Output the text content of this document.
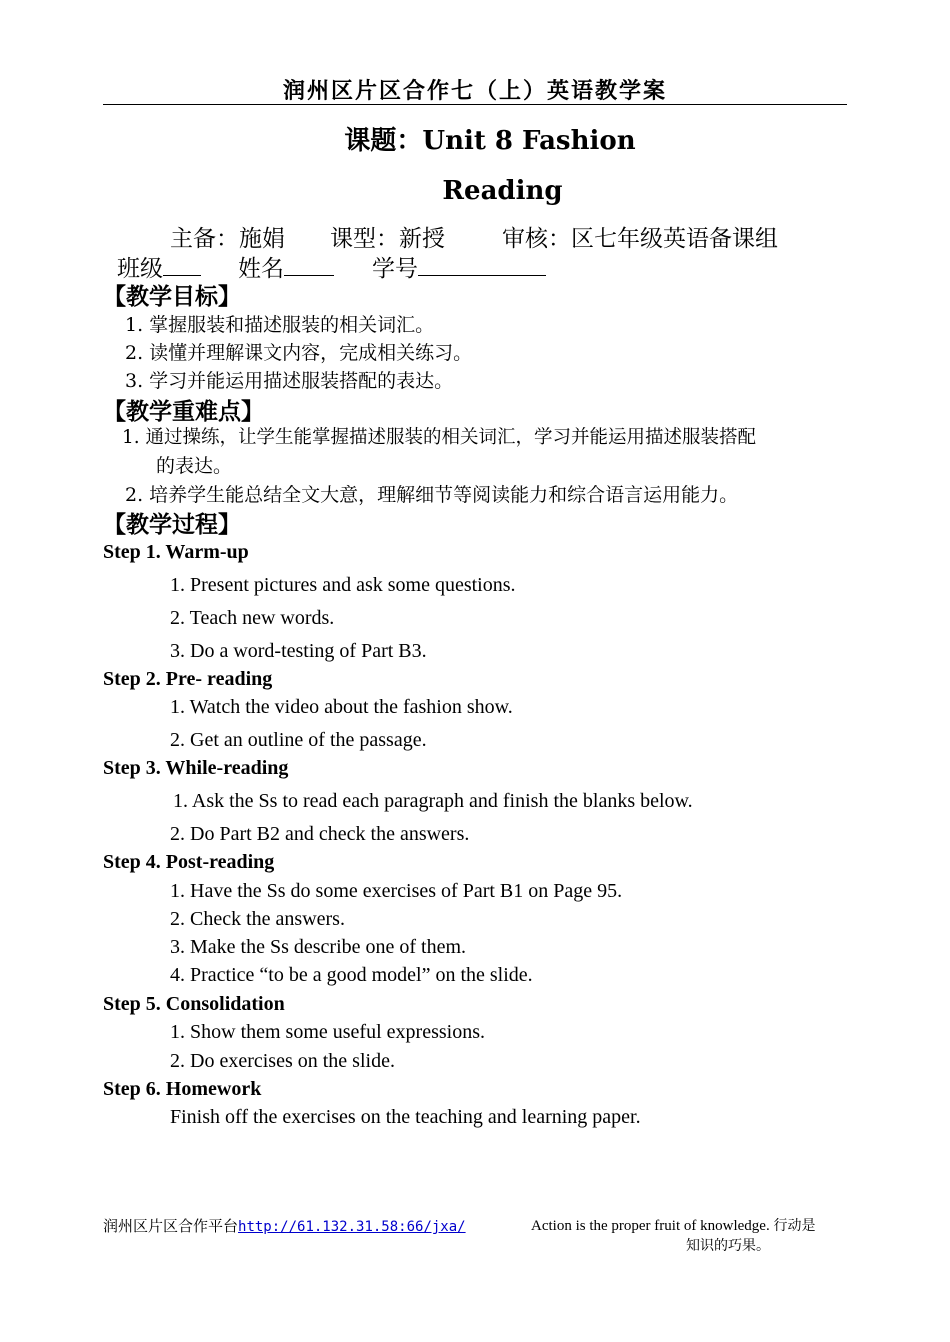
润州区片区合作七（上）英语教学案
课题：Unit 8 Fashion
Reading
主备：施娟 课型：新授 审核：区七年级英语备课组
班级	姓名	学号
【教学目标】
1. 掌握服装和描述服装的相关词汇。
2. 读懂并理解课文内容，完成相关练习。
3. 学习并能运用描述服装搭配的表达。
【教学重难点】
1. 通过操练，让学生能掌握描述服装的相关词汇，学习并能运用描述服装搭配
的表达。
2. 培养学生能总结全文大意，理解细节等阅读能力和综合语言运用能力。
【教学过程】
Step 1. Warm-up
1. Present pictures and ask some questions.
2. Teach new words.
3. Do a word-testing of Part B3.
Step 2. Pre- reading
1. Watch the video about the fashion show.
2. Get an outline of the passage.
Step 3. While-reading
1. Ask the Ss to read each paragraph and finish the blanks below.
2. Do Part B2 and check the answers.
Step 4. Post-reading
1. Have the Ss do some exercises of Part B1 on Page 95.
2. Check the answers.
3. Make the Ss describe one of them.
4. Practice “to be a good model” on the slide.
Step 5. Consolidation
1. Show them some useful expressions.
2. Do exercises on the slide.
Step 6. Homework
Finish off the exercises on the teaching and learning paper.
润州区片区合作平台http://61.132.31.58:66/jxa/	Action is the proper fruit of knowledge. 行动是
知识的巧果。
